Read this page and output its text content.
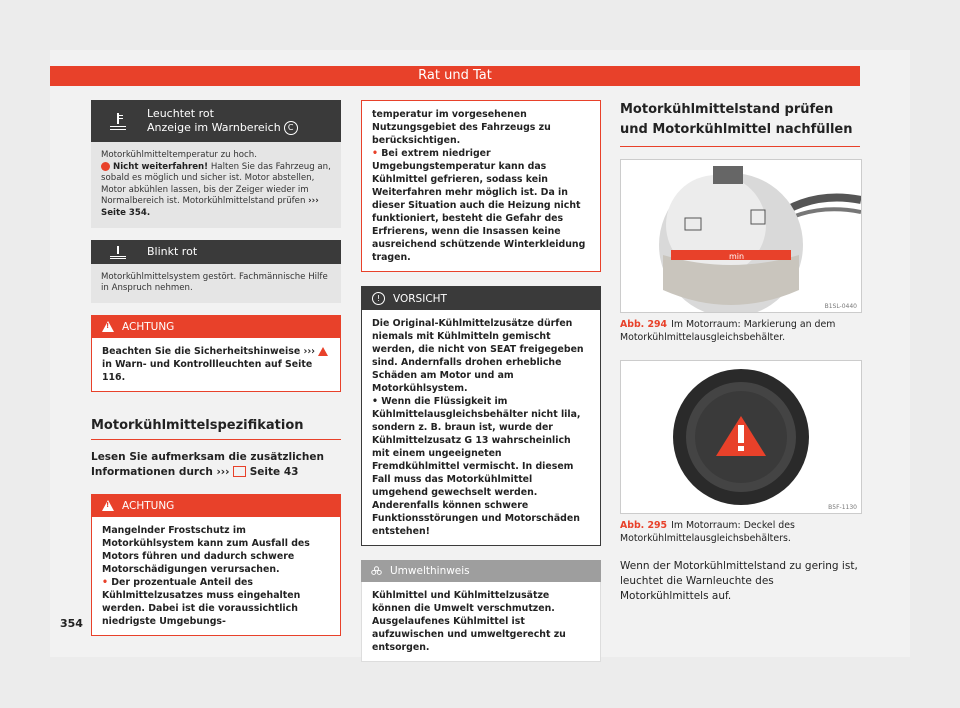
Rat und Tat
Leuchtet rot
Anzeige im Warnbereich C
Motorkühlmitteltemperatur zu hoch.
Nicht weiterfahren! Halten Sie das Fahrzeug an, sobald es möglich und sicher ist. Motor abstellen, Motor abkühlen lassen, bis der Zeiger wieder im Normalbereich ist. Motorkühlmittelstand prüfen ››› Seite 354.
Blinkt rot
Motorkühlmittelsystem gestört. Fachmännische Hilfe in Anspruch nehmen.
!
ACHTUNG
Beachten Sie die Sicherheitshinweise ›››  in Warn- und Kontrollleuchten auf Seite 116.
Motorkühlmittelspezifikation
Lesen Sie aufmerksam die zusätzlichen Informationen durch ››› Seite 43
!
ACHTUNG
Mangelnder Frostschutz im Motorkühlsystem kann zum Ausfall des Motors führen und dadurch schwere Motorschädigungen verursachen.
• Der prozentuale Anteil des Kühlmittelzusatzes muss eingehalten werden. Dabei ist die voraussichtlich niedrigste Umgebungs-
temperatur im vorgesehenen Nutzungsgebiet des Fahrzeugs zu berücksichtigen.
• Bei extrem niedriger Umgebungstemperatur kann das Kühlmittel gefrieren, sodass kein Weiterfahren mehr möglich ist. Da in dieser Situation auch die Heizung nicht funktioniert, besteht die Gefahr des Erfrierens, wenn die Insassen keine ausreichend schützende Winterkleidung tragen.
!	VORSICHT
Die Original-Kühlmittelzusätze dürfen niemals mit Kühlmitteln gemischt werden, die nicht von SEAT freigegeben sind. Andernfalls drohen erhebliche Schäden am Motor und am Motorkühlsystem.
• Wenn die Flüssigkeit im Kühlmittelausgleichsbehälter nicht lila, sondern z. B. braun ist, wurde der Kühlmittelzusatz G 13 wahrscheinlich mit einem ungeeigneten Fremdkühlmittel vermischt. In diesem Fall muss das Motorkühlmittel umgehend gewechselt werden. Anderenfalls können schwere Funktionsstörungen und Motorschäden entstehen!
Umwelthinweis
Kühlmittel und Kühlmittelzusätze können die Umwelt verschmutzen. Ausgelaufenes Kühlmittel ist aufzuwischen und umweltgerecht zu entsorgen.
Motorkühlmittelstand prüfen und Motorkühlmittel nachfüllen
min
B1SL-0440

Abb. 294 Im Motorraum: Markierung an dem Motorkühlmittelausgleichsbehälter.

B5F-1130

Abb. 295 Im Motorraum: Deckel des Motorkühlmittelausgleichsbehälters.

Wenn der Motorkühlmittelstand zu gering ist, leuchtet die Warnleuchte des Motorkühlmittels auf.
354
